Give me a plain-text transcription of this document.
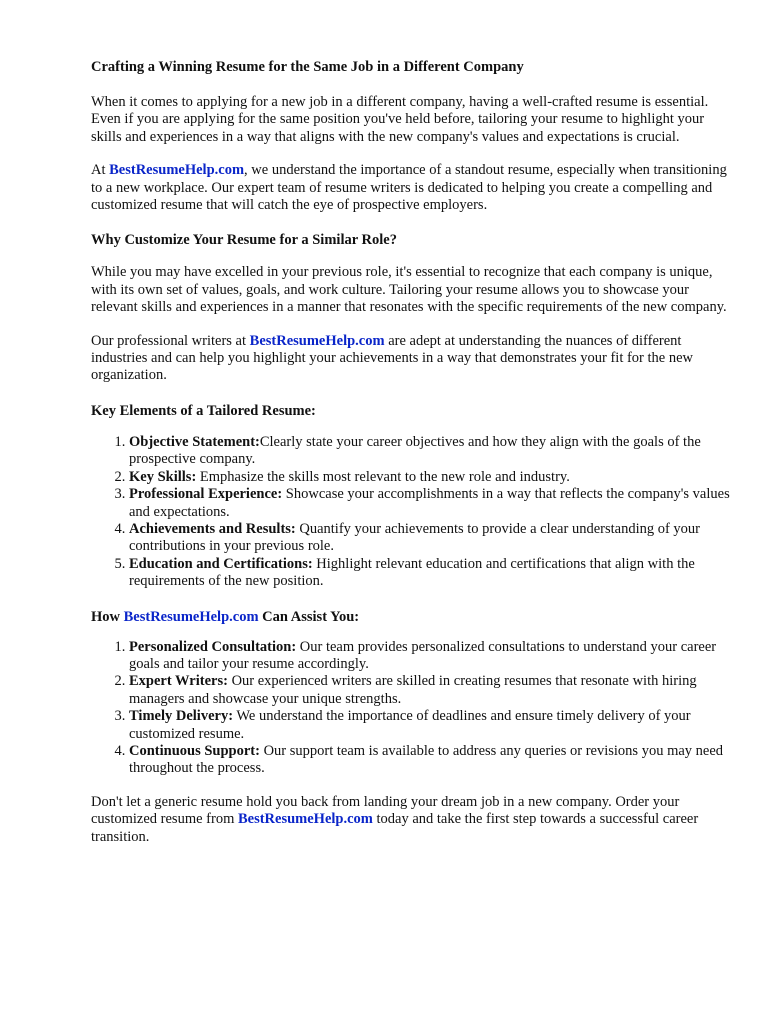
Crafting a Winning Resume for the Same Job in a Different Company

When it comes to applying for a new job in a different company, having a well-crafted resume is essential. Even if you are applying for the same position you've held before, tailoring your resume to highlight your skills and experiences in a way that aligns with the new company's values and expectations is crucial.

At BestResumeHelp.com, we understand the importance of a standout resume, especially when transitioning to a new workplace. Our expert team of resume writers is dedicated to helping you create a compelling and customized resume that will catch the eye of prospective employers.

Why Customize Your Resume for a Similar Role?

While you may have excelled in your previous role, it's essential to recognize that each company is unique, with its own set of values, goals, and work culture. Tailoring your resume allows you to showcase your relevant skills and experiences in a manner that resonates with the specific requirements of the new company.

Our professional writers at BestResumeHelp.com are adept at understanding the nuances of different industries and can help you highlight your achievements in a way that demonstrates your fit for the new organization.

Key Elements of a Tailored Resume:
1. Objective Statement:Clearly state your career objectives and how they align with the goals of the prospective company.
2. Key Skills: Emphasize the skills most relevant to the new role and industry.
3. Professional Experience: Showcase your accomplishments in a way that reflects the company's values and expectations.
4. Achievements and Results: Quantify your achievements to provide a clear understanding of your contributions in your previous role.
5. Education and Certifications: Highlight relevant education and certifications that align with the requirements of the new position.
How BestResumeHelp.com Can Assist You:
1. Personalized Consultation: Our team provides personalized consultations to understand your career goals and tailor your resume accordingly.
2. Expert Writers: Our experienced writers are skilled in creating resumes that resonate with hiring managers and showcase your unique strengths.
3. Timely Delivery: We understand the importance of deadlines and ensure timely delivery of your customized resume.
4. Continuous Support: Our support team is available to address any queries or revisions you may need throughout the process.

Don't let a generic resume hold you back from landing your dream job in a new company. Order your customized resume from BestResumeHelp.com today and take the first step towards a successful career transition.
